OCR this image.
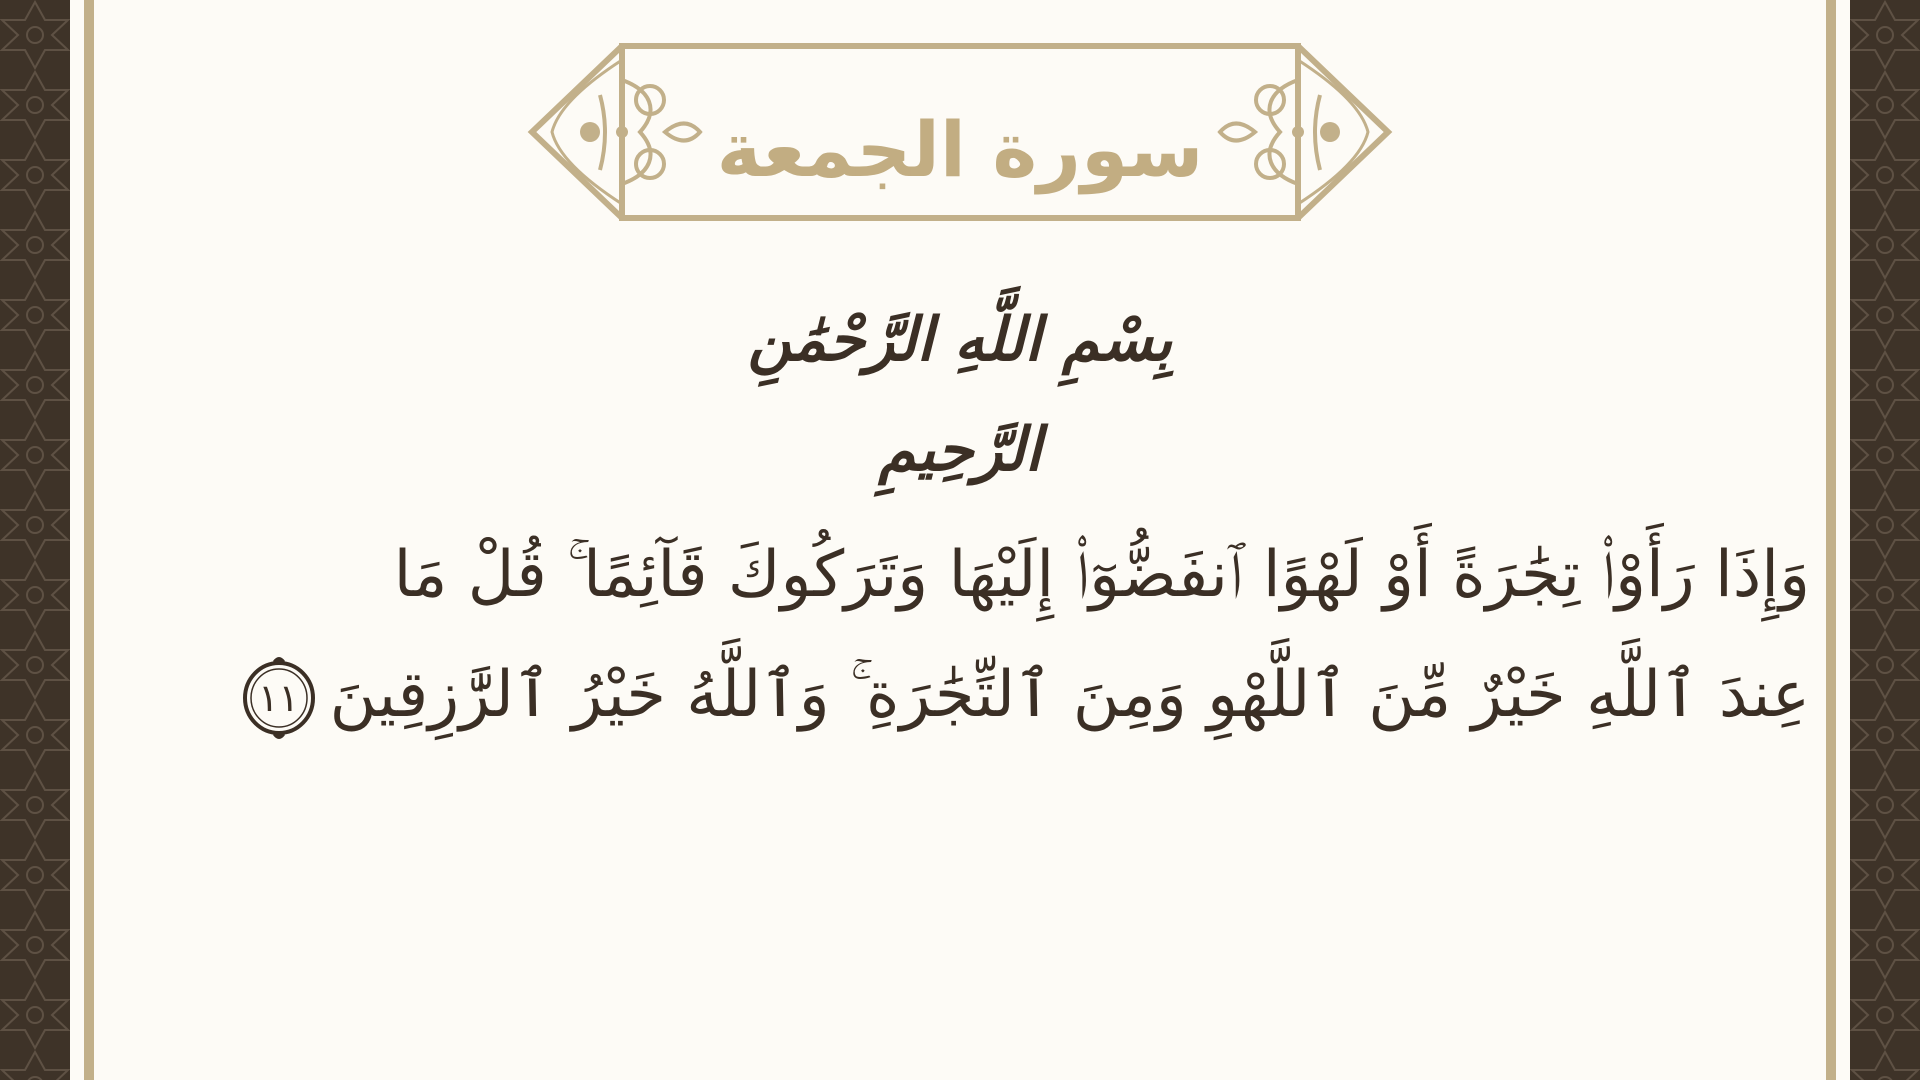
سورة الجمعة
بِسْمِ اللَّهِ الرَّحْمَٰنِ الرَّحِيمِ
وَإِذَا رَأَوْا۟ تِجَٰرَةً أَوْ لَهْوًا ٱنفَضُّوٓا۟ إِلَيْهَا وَتَرَكُوكَ قَآئِمًا ۚ قُلْ مَا
عِندَ ٱللَّهِ خَيْرٌ مِّنَ ٱللَّهْوِ وَمِنَ ٱلتِّجَٰرَةِ ۚ وَٱللَّهُ خَيْرُ ٱلرَّٰزِقِينَ
١١
